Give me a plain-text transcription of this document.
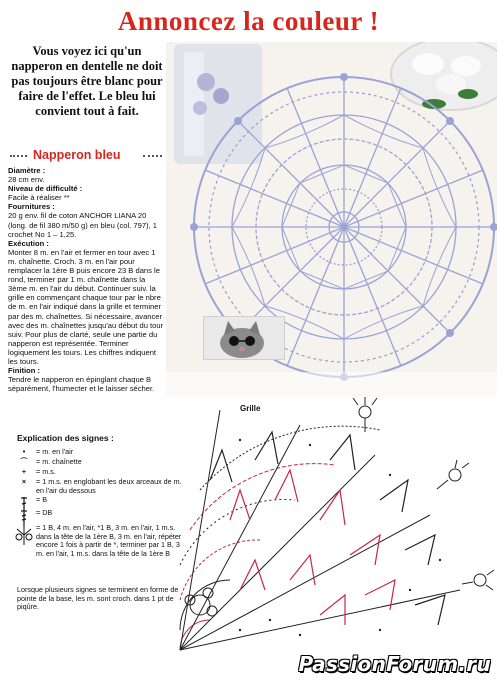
Annoncez la couleur !
Vous voyez ici qu'un napperon en dentelle ne doit pas toujours être blanc pour faire de l'effet. Le bleu lui convient tout à fait.
Napperon bleu
Diamètre :
28 cm env.
Niveau de difficulté :
Facile à réaliser **
Fournitures :
20 g env. fil de coton ANCHOR LIANA 20 (long. de fil 380 m/50 g) en bleu (col. 797), 1 crochet No 1 – 1,25.
Exécution :
Monter 8 m. en l'air et fermer en tour avec 1 m. chaînette. Croch. 3 m. en l'air pour remplacer la 1ère B puis encore 23 B dans le rond, terminer par 1 m. chaînette dans la 3ème m. en l'air du début. Continuer suiv. la grille en commençant chaque tour par le nbre de m. en l'air indiqué dans la grille et terminer par des m. chaînettes. Si nécessaire, avancer avec des m. chaînettes jusqu'au début du tour suiv. Pour plus de clarté, seule une partie du napperon est représentée. Terminer logiquement les tours. Les chiffres indiquent les tours.
Finition :
Tendre le napperon en épinglant chaque B séparément, l'humecter et le laisser sécher.
Grille
Explication des signes :
•	= m. en l'air
⌒	= m. chaînette
+	= m.s.
×	= 1 m.s. en englobant les deux arceaux de m. en l'air du dessous
= B
= DB
= 1 B, 4 m. en l'air, *1 B, 3 m. en l'air, 1 m.s. dans la tête de la 1ère B, 3 m. en l'air, répéter encore 1 fois à partir de *, terminer par 1 B, 3 m. en l'air, 1 m.s. dans la tête de la 1ère B
Lorsque plusieurs signes se terminent en forme de pointe de la base, les m. sont croch. dans 1 pt de piqûre.
PassionForum.ru
